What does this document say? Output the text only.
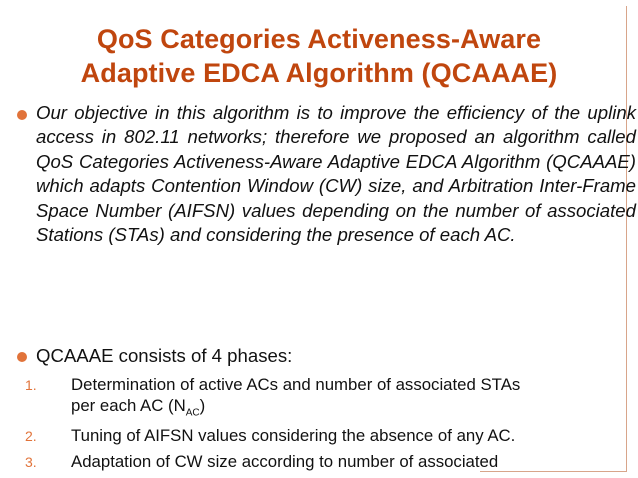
QoS Categories Activeness-Aware
Adaptive EDCA Algorithm (QCAAAE)
Our objective in this algorithm is to improve the efficiency of the uplink access in 802.11 networks; therefore we proposed an algorithm called QoS Categories Activeness-Aware Adaptive EDCA Algorithm (QCAAAE) which adapts Contention Window (CW) size, and Arbitration Inter-Frame Space Number (AIFSN) values depending on the number of associated Stations (STAs) and considering the presence of each AC.
QCAAAE consists of 4 phases:
1. Determination of active ACs and number of associated STAs
per each AC $(N_{AC})$
2. Tuning of AIFSN values considering the absence of any AC.
3. Adaptation of CW size according to number of associated
